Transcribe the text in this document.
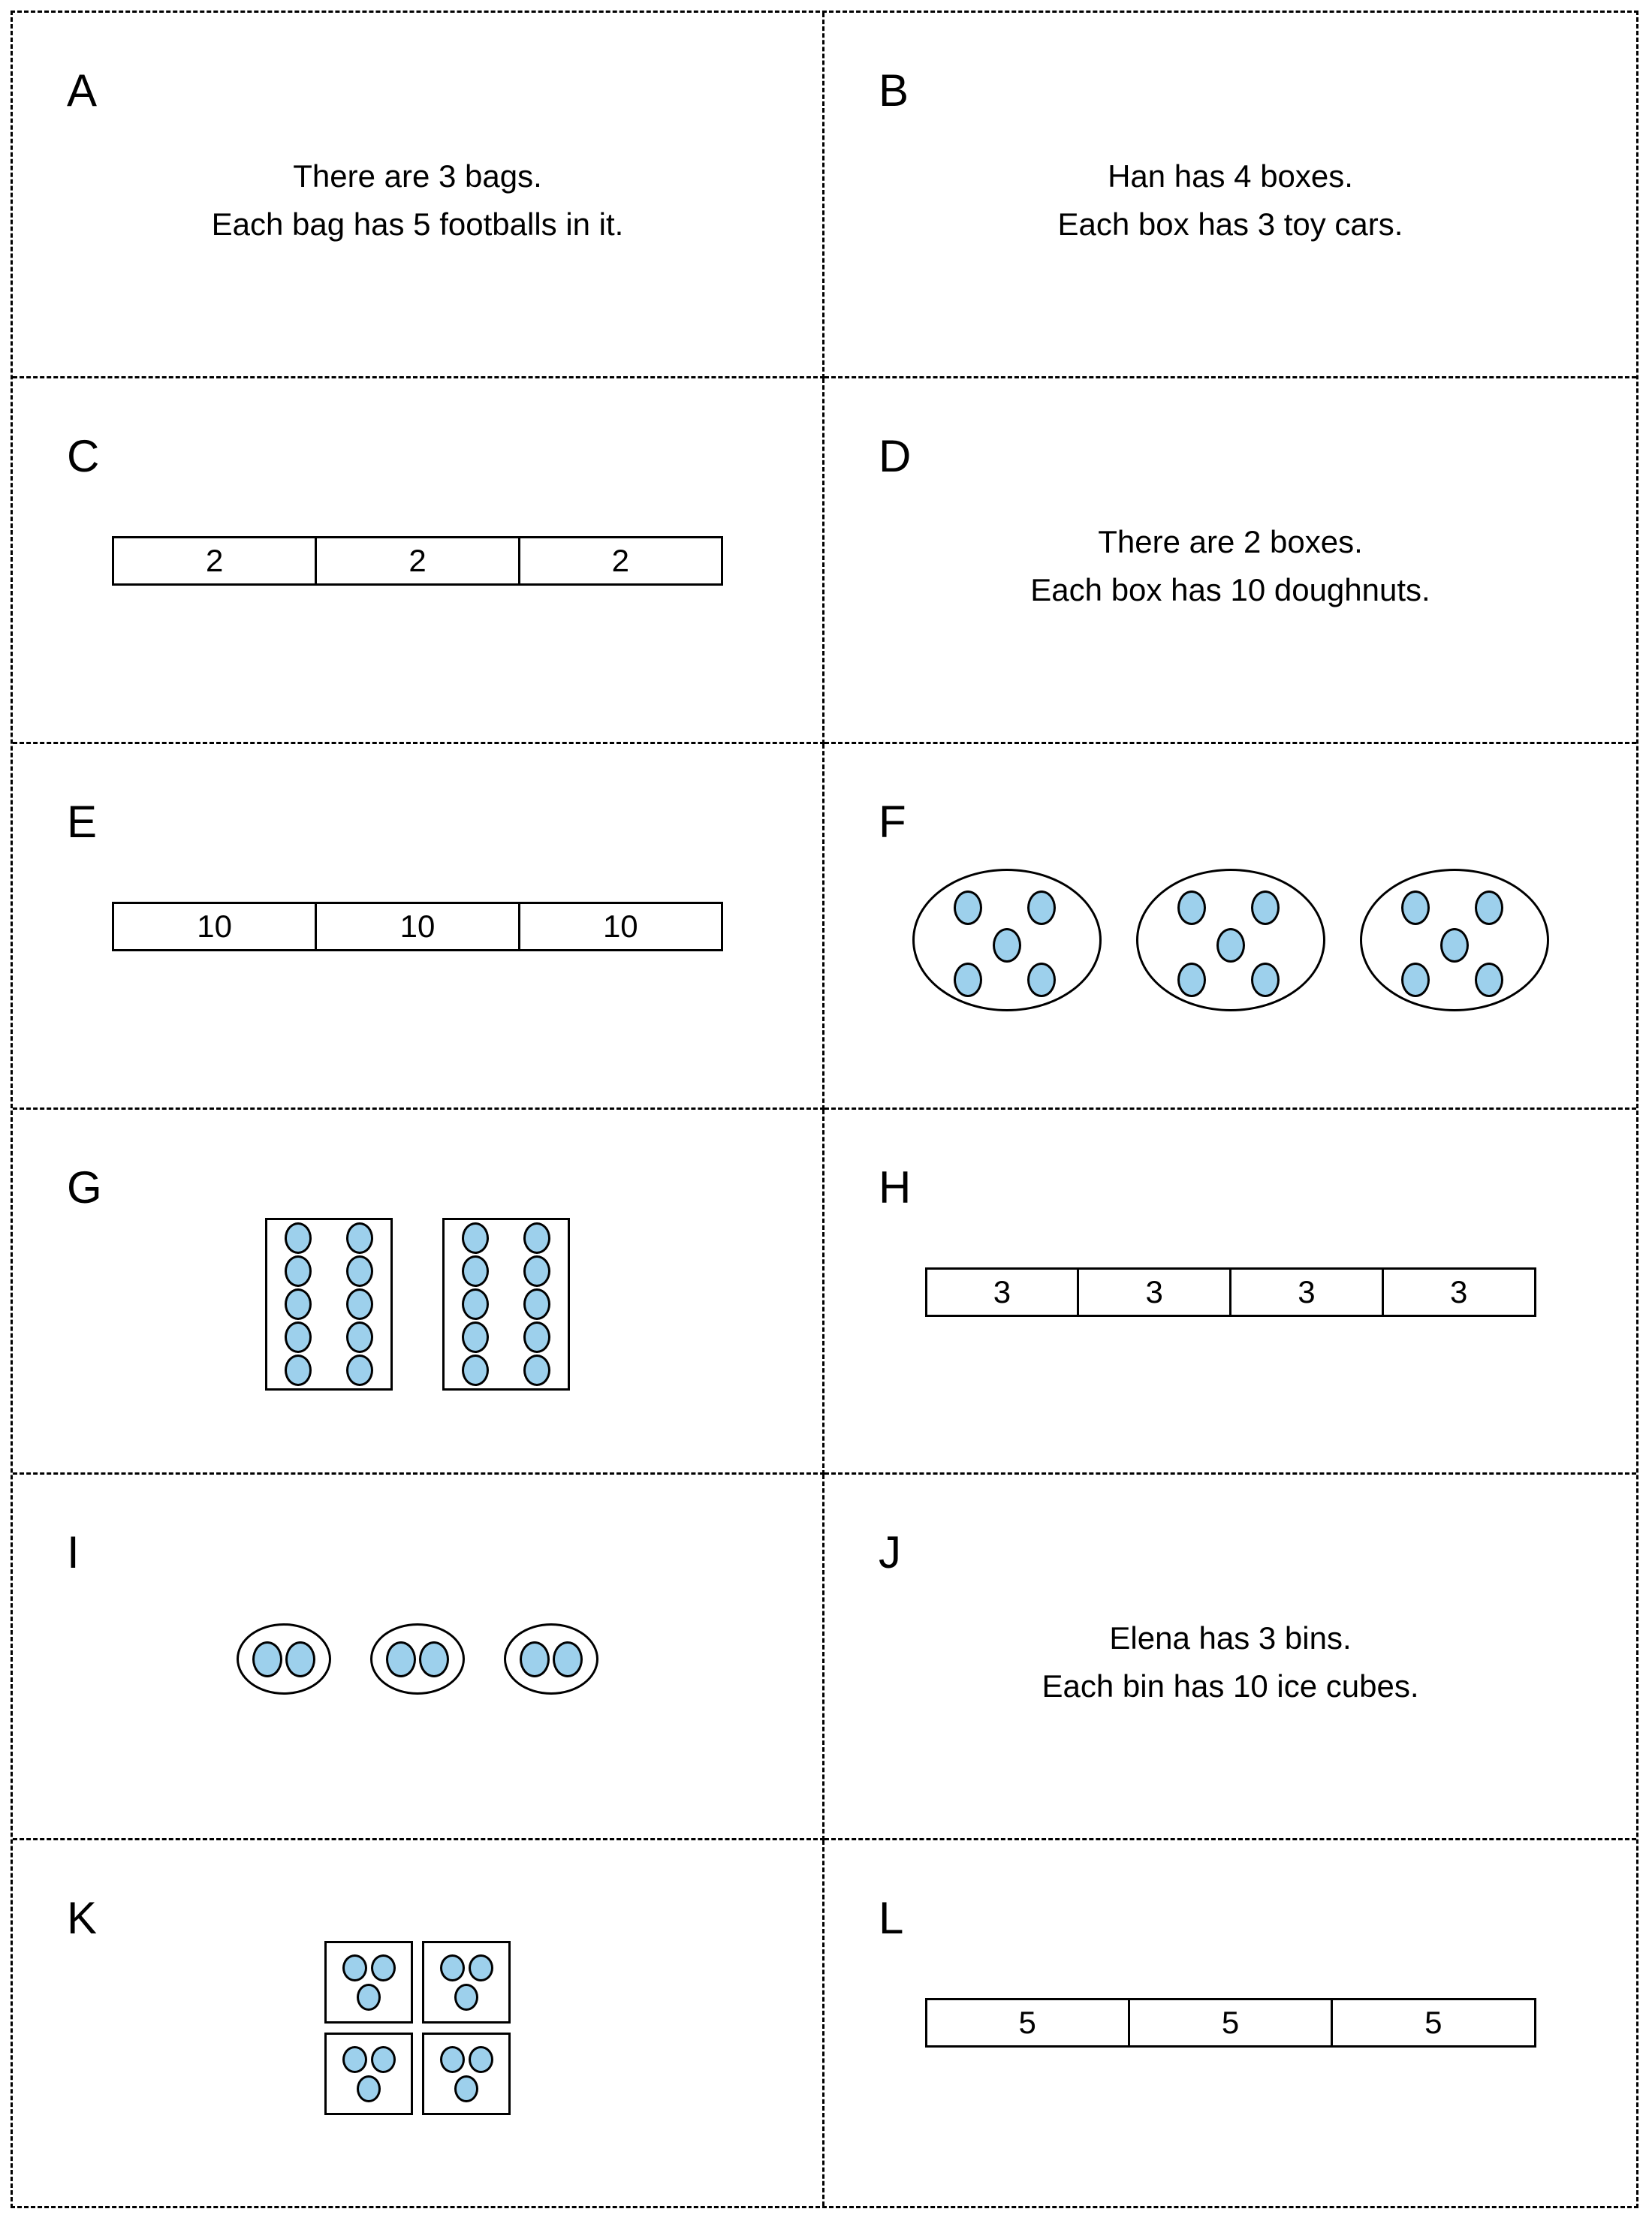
A
There are 3 bags.
Each bag has 5 footballs in it.
B
Han has 4 boxes.
Each box has 3 toy cars.
C
2	2	2
D
There are 2 boxes.
Each box has 10 doughnuts.
E
10	10	10
F
G	H
3	3	3	3
I	J
Elena has 3 bins.
Each bin has 10 ice cubes.
K	L
5	5	5
